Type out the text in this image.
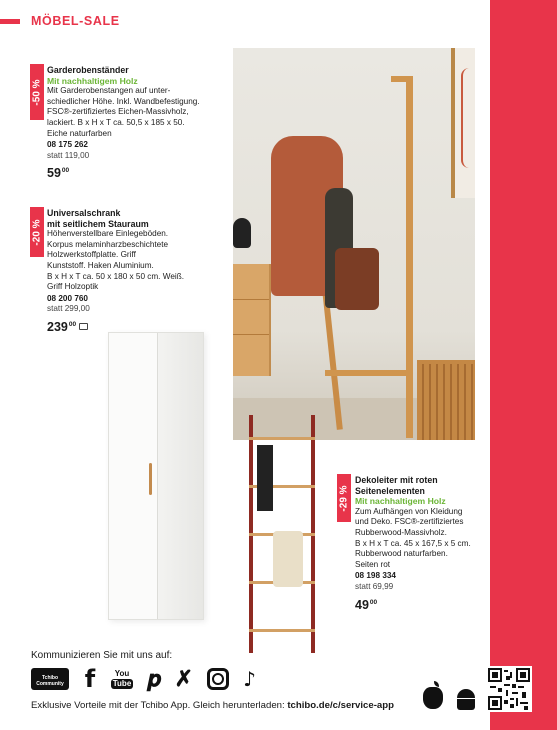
MÖBEL-SALE
-50 %
Garderobenständer
Mit nachhaltigem Holz
Mit Garderobenstangen auf unter-
schiedlicher Höhe. Inkl. Wandbefestigung.
FSC®-zertifiziertes Eichen-Massivholz,
lackiert. B x H x T ca. 50,5 x 185 x 50.
Eiche naturfarben
08 175 262
statt 119,00
$59^{00}$
-20 %
Universalschrank
mit seitlichem Stauraum
Höhenverstellbare Einlegeböden.
Korpus melaminharzbeschichtete
Holzwerkstoffplatte. Griff
Kunststoff. Haken Aluminium.
B x H x T ca. 50 x 180 x 50 cm. Weiß.
Griff Holzoptik
08 200 760
statt 299,00
$239^{00}$
-29 %
Dekoleiter mit roten
Seitenelementen
Mit nachhaltigem Holz
Zum Aufhängen von Kleidung
und Deko. FSC®-zertifiziertes
Rubberwood-Massivholz.
B x H x T ca. 45 x 167,5 x 5 cm.
Rubberwood naturfarben.
Seiten rot
08 198 334
statt 69,99
$49^{00}$
Kommunizieren Sie mit uns auf:
Tchibo Community f You
Tube 𝒑 ✗	♪
Exklusive Vorteile mit der Tchibo App. Gleich herunterladen: tchibo.de/c/service-app
